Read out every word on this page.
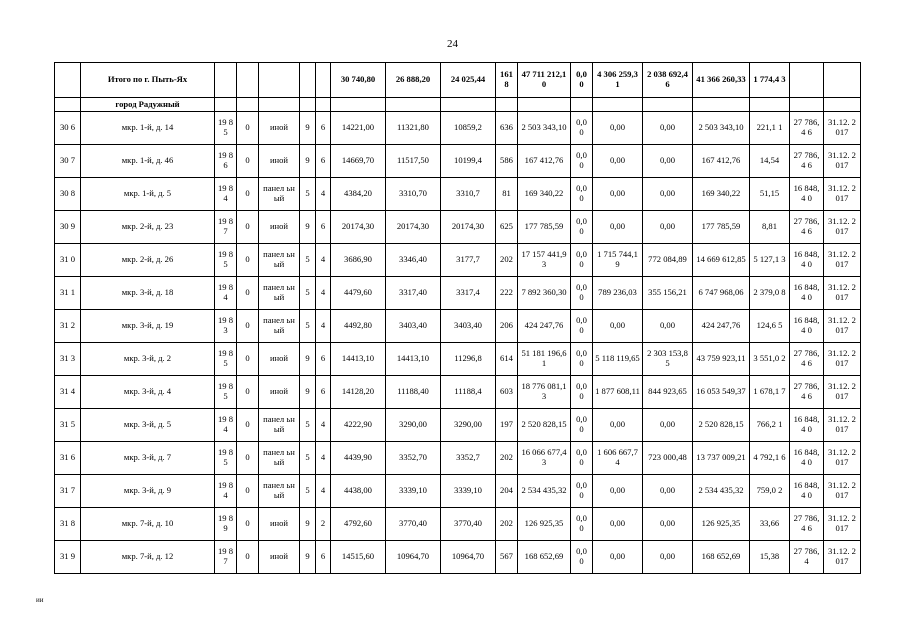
24
	Итого по г. Пыть-Ях						30 740,80	26 888,20	24 025,44	161 8	47 711 212,10	0,0 0	4 306 259,31	2 038 692,46	41 366 260,33	1 774,4 3		
	город Радужный																	
30 6	мкр. 1-й, д. 14	19 85	0	иной	9	6	14221,00	11321,80	10859,2	636	2 503 343,10	0,0 0	0,00	0,00	2 503 343,10	221,1 1	27 786,4 6	31.12. 2017
30 7	мкр. 1-й, д. 46	19 86	0	иной	9	6	14669,70	11517,50	10199,4	586	167 412,76	0,0 0	0,00	0,00	167 412,76	14,54	27 786,4 6	31.12. 2017
30 8	мкр. 1-й, д. 5	19 84	0	панел ьный	5	4	4384,20	3310,70	3310,7	81	169 340,22	0,0 0	0,00	0,00	169 340,22	51,15	16 848,4 0	31.12. 2017
30 9	мкр. 2-й, д. 23	19 87	0	иной	9	6	20174,30	20174,30	20174,30	625	177 785,59	0,0 0	0,00	0,00	177 785,59	8,81	27 786,4 6	31.12. 2017
31 0	мкр. 2-й, д. 26	19 85	0	панел ьный	5	4	3686,90	3346,40	3177,7	202	17 157 441,93	0,0 0	1 715 744,19	772 084,89	14 669 612,85	5 127,1 3	16 848,4 0	31.12. 2017
31 1	мкр. 3-й, д. 18	19 84	0	панел ьный	5	4	4479,60	3317,40	3317,4	222	7 892 360,30	0,0 0	789 236,03	355 156,21	6 747 968,06	2 379,0 8	16 848,4 0	31.12. 2017
31 2	мкр. 3-й, д. 19	19 83	0	панел ьный	5	4	4492,80	3403,40	3403,40	206	424 247,76	0,0 0	0,00	0,00	424 247,76	124,6 5	16 848,4 0	31.12. 2017
31 3	мкр. 3-й, д. 2	19 85	0	иной	9	6	14413,10	14413,10	11296,8	614	51 181 196,61	0,0 0	5 118 119,65	2 303 153,85	43 759 923,11	3 551,0 2	27 786,4 6	31.12. 2017
31 4	мкр. 3-й, д. 4	19 85	0	иной	9	6	14128,20	11188,40	11188,4	603	18 776 081,13	0,0 0	1 877 608,11	844 923,65	16 053 549,37	1 678,1 7	27 786,4 6	31.12. 2017
31 5	мкр. 3-й, д. 5	19 84	0	панел ьный	5	4	4222,90	3290,00	3290,00	197	2 520 828,15	0,0 0	0,00	0,00	2 520 828,15	766,2 1	16 848,4 0	31.12. 2017
31 6	мкр. 3-й, д. 7	19 85	0	панел ьный	5	4	4439,90	3352,70	3352,7	202	16 066 677,43	0,0 0	1 606 667,74	723 000,48	13 737 009,21	4 792,1 6	16 848,4 0	31.12. 2017
31 7	мкр. 3-й, д. 9	19 84	0	панел ьный	5	4	4438,00	3339,10	3339,10	204	2 534 435,32	0,0 0	0,00	0,00	2 534 435,32	759,0 2	16 848,4 0	31.12. 2017
31 8	мкр. 7-й, д. 10	19 89	0	иной	9	2	4792,60	3770,40	3770,40	202	126 925,35	0,0 0	0,00	0,00	126 925,35	33,66	27 786,4 6	31.12. 2017
31 9	мкр. 7-й, д. 12	19 87	0	иной	9	6	14515,60	10964,70	10964,70	567	168 652,69	0,0 0	0,00	0,00	168 652,69	15,38	27 786,4	31.12. 2017
ии
